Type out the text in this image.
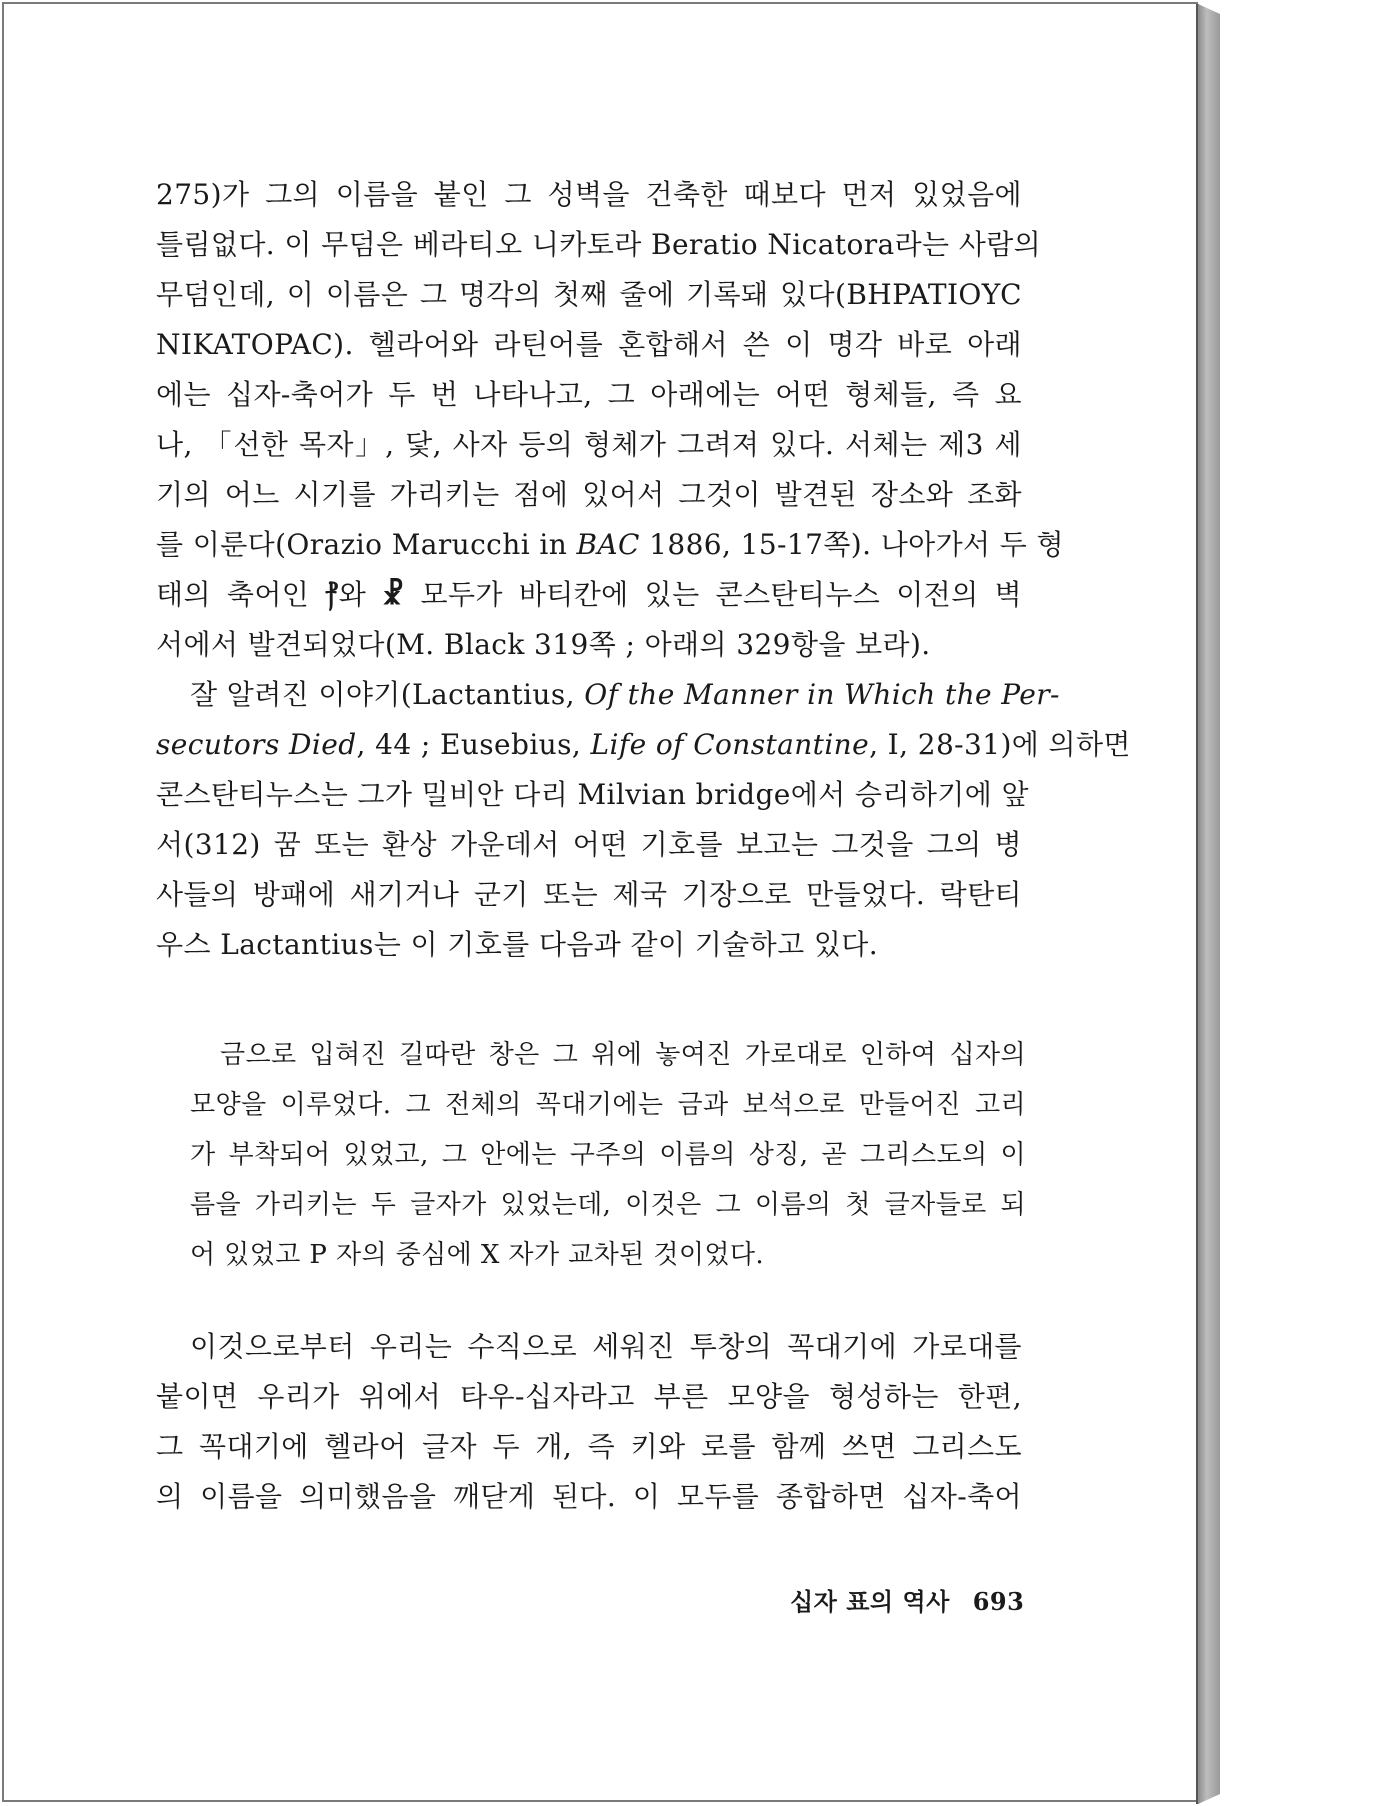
275)가 그의 이름을 붙인 그 성벽을 건축한 때보다 먼저 있었음에

틀림없다. 이 무덤은 베라티오 니카토라 Beratio Nicatora라는 사람의

무덤인데, 이 이름은 그 명각의 첫째 줄에 기록돼 있다(BHPATIOYC

NIKATOPAC). 헬라어와 라틴어를 혼합해서 쓴 이 명각 바로 아래

에는 십자-축어가 두 번 나타나고, 그 아래에는 어떤 형체들, 즉 요

나, 「선한 목자」, 닻, 사자 등의 형체가 그려져 있다. 서체는 제3 세

기의 어느 시기를 가리키는 점에 있어서 그것이 발견된 장소와 조화

를 이룬다(Orazio Marucchi in BAC 1886, 15-17쪽). 나아가서 두 형

태의 축어인 ⳨와 ☧ 모두가 바티칸에 있는 콘스탄티누스 이전의 벽

서에서 발견되었다(M. Black 319쪽 ; 아래의 329항을 보라).

잘 알려진 이야기(Lactantius, Of the Manner in Which the Per-

secutors Died, 44 ; Eusebius, Life of Constantine, I, 28-31)에 의하면

콘스탄티누스는 그가 밀비안 다리 Milvian bridge에서 승리하기에 앞

서(312) 꿈 또는 환상 가운데서 어떤 기호를 보고는 그것을 그의 병

사들의 방패에 새기거나 군기 또는 제국 기장으로 만들었다. 락탄티

우스 Lactantius는 이 기호를 다음과 같이 기술하고 있다.

금으로 입혀진 길따란 창은 그 위에 놓여진 가로대로 인하여 십자의

모양을 이루었다. 그 전체의 꼭대기에는 금과 보석으로 만들어진 고리

가 부착되어 있었고, 그 안에는 구주의 이름의 상징, 곧 그리스도의 이

름을 가리키는 두 글자가 있었는데, 이것은 그 이름의 첫 글자들로 되

어 있었고 P 자의 중심에 X 자가 교차된 것이었다.

이것으로부터 우리는 수직으로 세워진 투창의 꼭대기에 가로대를

붙이면 우리가 위에서 타우-십자라고 부른 모양을 형성하는 한편,

그 꼭대기에 헬라어 글자 두 개, 즉 키와 로를 함께 쓰면 그리스도

의 이름을 의미했음을 깨닫게 된다. 이 모두를 종합하면 십자-축어

십자 표의 역사 693
